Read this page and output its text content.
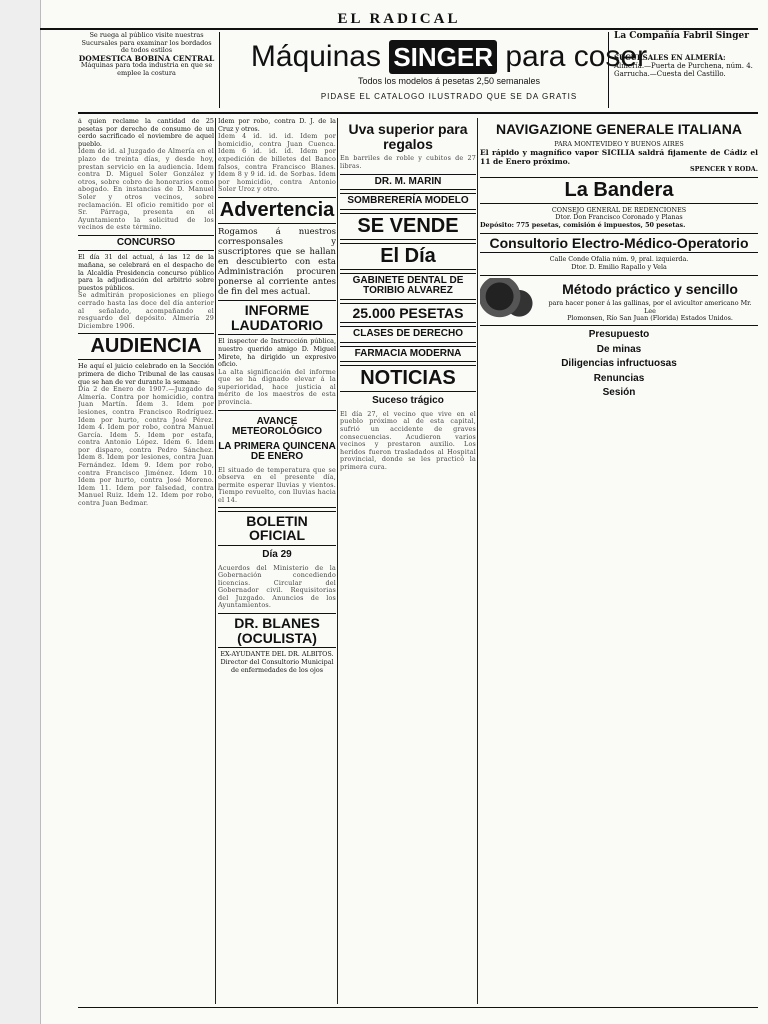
EL RADICAL
Se ruega al público visite nuestras Sucursales para examinar los bordados de todos estilos
DOMESTICA BOBINA CENTRAL
Máquinas para toda industria en que se emplee la costura	Máquinas SINGER para coser
Todos los modelos á pesetas 2,50 semanales
PIDASE EL CATALOGO ILUSTRADO QUE SE DA GRATIS
La Compañía Fabril Singer
SUCURSALES EN ALMERÍA:
Almería.—Puerta de Purchena, núm. 4.
Garrucha.—Cuesta del Castillo.
á quien reclame la cantidad de 25 pesetas por derecho de consumo de un cerdo sacrificado el noviembre de aquel pueblo.
Idem de id. al Juzgado de Almería en el plazo de treinta días, y desde hoy, prestan servicio en la audiencia. Idem contra D. Miguel Soler González y otros, sobre cobro de honorarios como abogado. En instancias de D. Manuel Soler y otros vecinos, sobre reclamación. El oficio remitido por el Sr. Párraga, presenta en el Ayuntamiento la solicitud de los vecinos de este término.
CONCURSO
El día 31 del actual, á las 12 de la mañana, se celebrará en el despacho de la Alcaldía Presidencia concurso público para la adjudicación del arbitrio sobre puestos públicos.
Se admitirán proposiciones en pliego cerrado hasta las doce del día anterior al señalado, acompañando el resguardo del depósito. Almería 29 Diciembre 1906.
AUDIENCIA
He aquí el juicio celebrado en la Sección primera de dicho Tribunal de las causas que se han de ver durante la semana:
Día 2 de Enero de 1907.—Juzgado de Almería. Contra por homicidio, contra Juan Martín. Idem 3. Idem por lesiones, contra Francisco Rodríguez. Idem por hurto, contra José Pérez. Idem 4. Idem por robo, contra Manuel García. Idem 5. Idem por estafa, contra Antonio López. Idem 6. Idem por disparo, contra Pedro Sánchez. Idem 8. Idem por lesiones, contra Juan Fernández. Idem 9. Idem por robo, contra Francisco Jiménez. Idem 10. Idem por hurto, contra José Moreno. Idem 11. Idem por falsedad, contra Manuel Ruiz. Idem 12. Idem por robo, contra Juan Bedmar.
Idem por robo, contra D. J. de la Cruz y otros.
Idem 4 id. id. id. Idem por homicidio, contra Juan Cuenca. Idem 6 id. id. id. Idem por expedición de billetes del Banco falsos, contra Francisco Blanes. Idem 8 y 9 id. id. de Sorbas. Idem por homicidio, contra Antonio Soler Uroz y otro.
Advertencia
Rogamos á nuestros corresponsales y suscriptores que se hallan en descubierto con esta Administración procuren ponerse al corriente antes de fin del mes actual.
INFORME LAUDATORIO
El inspector de Instrucción pública, nuestro querido amigo D. Miguel Mirete, ha dirigido un expresivo oficio.
La alta significación del informe que se ha dignado elevar á la superioridad, hace justicia al mérito de los maestros de esta provincia.
AVANCE METEOROLÓGICO
LA PRIMERA QUINCENA DE ENERO
El situado de temperatura que se observa en el presente día, permite esperar lluvias y vientos. Tiempo revuelto, con lluvias hacia el 14.
BOLETIN OFICIAL
Día 29
Acuerdos del Ministerio de la Gobernación concediendo licencias. Circular del Gobernador civil. Requisitorias del Juzgado. Anuncios de los Ayuntamientos.
DR. BLANES (OCULISTA)
EX-AYUDANTE DEL DR. ALBITOS. Director del Consultorio Municipal de enfermedades de los ojos
Uva superior para regalos
En barriles de roble y cubitos de 27 libras.
DR. M. MARIN
SOMBRERERÍA MODELO
SE VENDE
El Día
GABINETE DENTAL DE TORIBIO ALVAREZ
25.000 PESETAS
CLASES DE DERECHO
FARMACIA MODERNA
NOTICIAS
Suceso trágico
El día 27, el vecino que vive en el pueblo próximo al de esta capital, sufrió un accidente de graves consecuencias. Acudieron varios vecinos y prestaron auxilio. Los heridos fueron trasladados al Hospital provincial, donde se les practicó la primera cura.
NAVIGAZIONE GENERALE ITALIANA
PARA MONTEVIDEO Y BUENOS AIRES
El rápido y magnífico vapor SICILIA saldrá fijamente de Cádiz el 11 de Enero próximo.
SPENCER Y RODA.
La Bandera
CONSEJO GENERAL DE REDENCIONES
Dtor. Don Francisco Coronado y Planas
Depósito: 775 pesetas, comisión é impuestos, 50 pesetas.
Consultorio Electro-Médico-Operatorio
Calle Conde Ofalia núm. 9, pral. izquierda.
Dtor. D. Emilio Rapallo y Vela
Método práctico y sencillo
para hacer poner á las gallinas, por el avicultor americano Mr. Lee
Plomonsen, Río San Juan (Florida) Estados Unidos.
Presupuesto
De minas
Diligencias infructuosas
Renuncias
Sesión
